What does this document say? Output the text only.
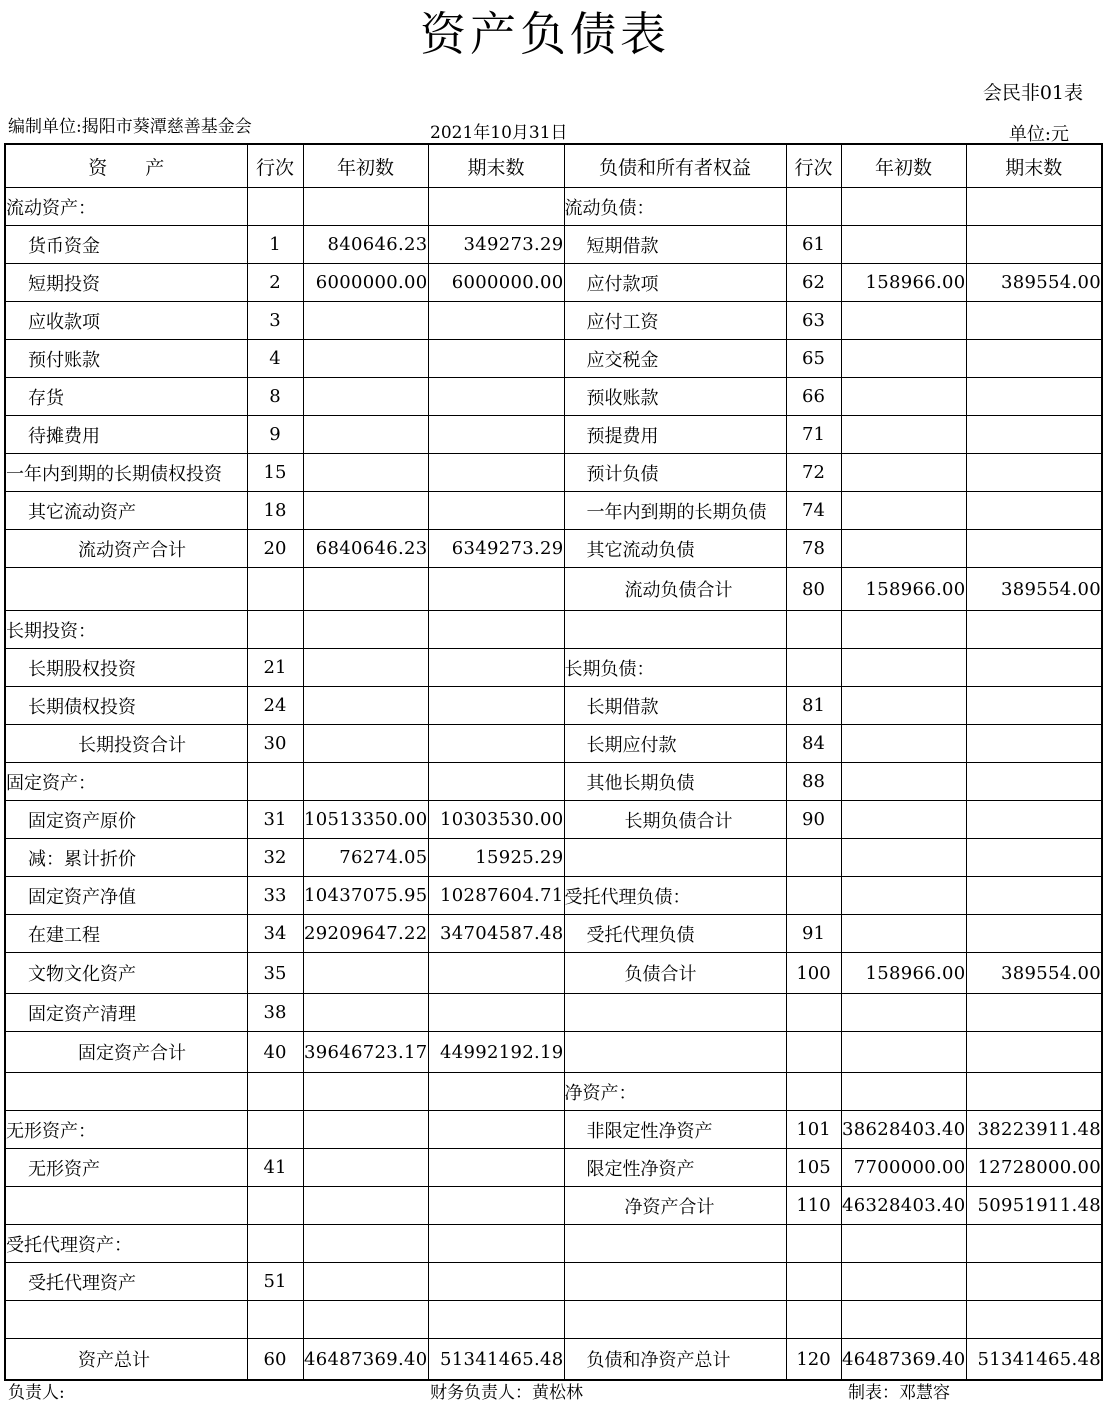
资产负债表
会民非01表
编制单位:揭阳市葵潭慈善基金会	2021年10月31日	单位:元
资　　产	行次	年初数	期末数	负债和所有者权益	行次	年初数	期末数
流动资产：				流动负债：			
货币资金	1	840646.23	349273.29	短期借款	61		
短期投资	2	6000000.00	6000000.00	应付款项	62	158966.00	389554.00
应收款项	3			应付工资	63		
预付账款	4			应交税金	65		
存货	8			预收账款	66		
待摊费用	9			预提费用	71		
一年内到期的长期债权投资	15			预计负债	72		
其它流动资产	18			一年内到期的长期负债	74		
流动资产合计	20	6840646.23	6349273.29	其它流动负债	78		
				流动负债合计	80	158966.00	389554.00
长期投资：							
长期股权投资	21			长期负债：			
长期债权投资	24			长期借款	81		
长期投资合计	30			长期应付款	84		
固定资产：				其他长期负债	88		
固定资产原价	31	10513350.00	10303530.00	长期负债合计	90		
减：累计折价	32	76274.05	15925.29				
固定资产净值	33	10437075.95	10287604.71	受托代理负债：			
在建工程	34	29209647.22	34704587.48	受托代理负债	91		
文物文化资产	35			负债合计	100	158966.00	389554.00
固定资产清理	38						
固定资产合计	40	39646723.17	44992192.19				
				净资产：			
无形资产：				非限定性净资产	101	38628403.40	38223911.48
无形资产	41			限定性净资产	105	7700000.00	12728000.00
				净资产合计	110	46328403.40	50951911.48
受托代理资产：							
受托代理资产	51						

资产总计	60	46487369.40	51341465.48	负债和净资产总计	120	46487369.40	51341465.48
负责人:	财务负责人：黄松林	制表：邓慧容
